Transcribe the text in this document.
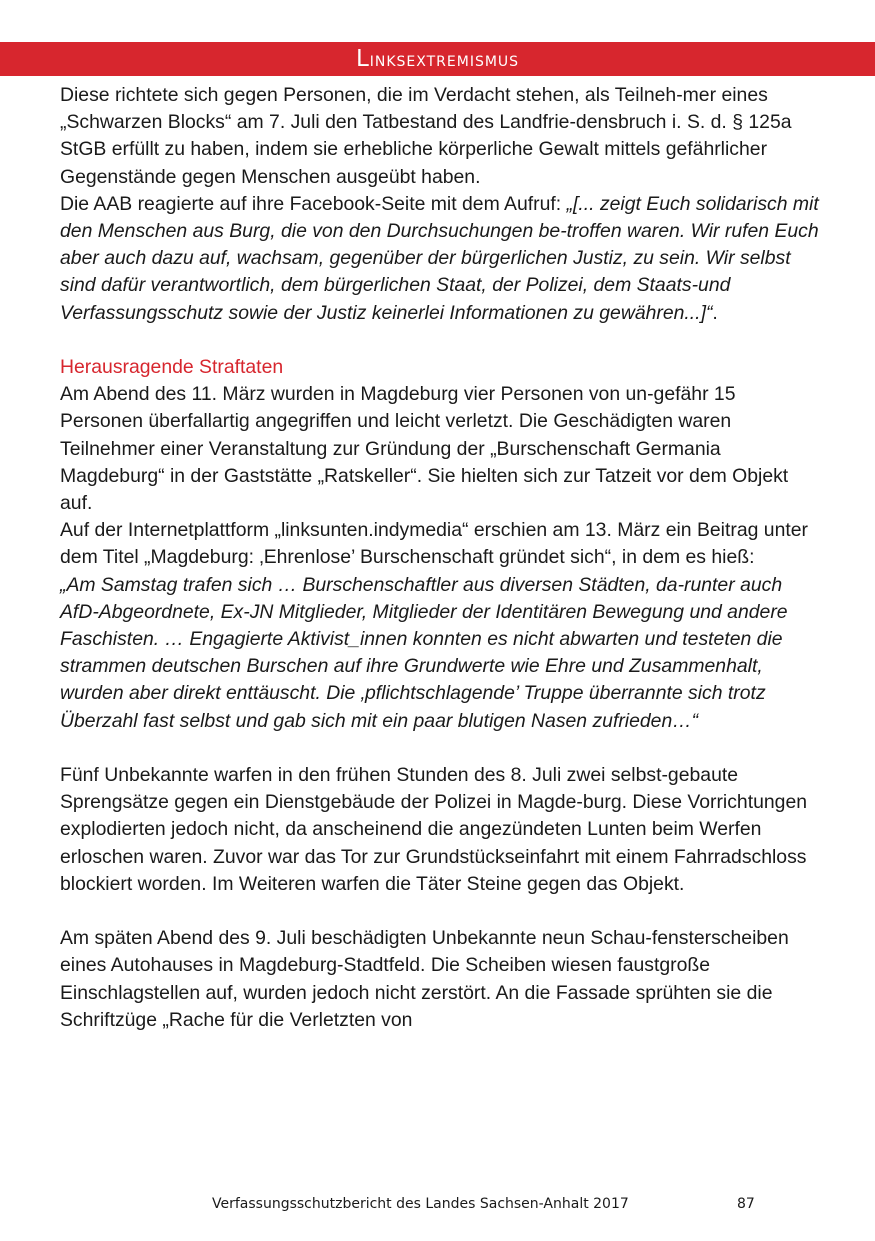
L inksextremismus

Diese richtete sich gegen Personen, die im Verdacht stehen, als Teilneh-mer eines „Schwarzen Blocks“ am 7. Juli den Tatbestand des Landfrie-densbruch i. S. d. § 125a StGB erfüllt zu haben, indem sie erhebliche körperliche Gewalt mittels gefährlicher Gegenstände gegen Menschen ausgeübt haben.

Die AAB reagierte auf ihre Facebook-Seite mit dem Aufruf: „[... zeigt Euch solidarisch mit den Menschen aus Burg, die von den Durchsuchungen be-troffen waren. Wir rufen Euch aber auch dazu auf, wachsam, gegenüber der bürgerlichen Justiz, zu sein. Wir selbst sind dafür verantwortlich, dem bürgerlichen Staat, der Polizei, dem Staats-und Verfassungsschutz sowie der Justiz keinerlei Informationen zu gewähren...]“.

Herausragende Straftaten

Am Abend des 11. März wurden in Magdeburg vier Personen von un-gefähr 15 Personen überfallartig angegriffen und leicht verletzt. Die Geschädigten waren Teilnehmer einer Veranstaltung zur Gründung der „Burschenschaft Germania Magdeburg“ in der Gaststätte „Ratskeller“. Sie hielten sich zur Tatzeit vor dem Objekt auf.

Auf der Internetplattform „linksunten.indymedia“ erschien am 13. März ein Beitrag unter dem Titel „Magdeburg: ‚Ehrenlose’ Burschenschaft gründet sich“, in dem es hieß:

„Am Samstag trafen sich … Burschenschaftler aus diversen Städten, da-runter auch AfD-Abgeordnete, Ex-JN Mitglieder, Mitglieder der Identitären Bewegung und andere Faschisten. … Engagierte Aktivist_innen konnten es nicht abwarten und testeten die strammen deutschen Burschen auf ihre Grundwerte wie Ehre und Zusammenhalt, wurden aber direkt enttäuscht. Die ‚pflichtschlagende’ Truppe überrannte sich trotz Überzahl fast selbst und gab sich mit ein paar blutigen Nasen zufrieden…“

Fünf Unbekannte warfen in den frühen Stunden des 8. Juli zwei selbst-gebaute Sprengsätze gegen ein Dienstgebäude der Polizei in Magde-burg. Diese Vorrichtungen explodierten jedoch nicht, da anscheinend die angezündeten Lunten beim Werfen erloschen waren. Zuvor war das Tor zur Grundstückseinfahrt mit einem Fahrradschloss blockiert worden. Im Weiteren warfen die Täter Steine gegen das Objekt.

Am späten Abend des 9. Juli beschädigten Unbekannte neun Schau-fensterscheiben eines Autohauses in Magdeburg-Stadtfeld. Die Scheiben wiesen faustgroße Einschlagstellen auf, wurden jedoch nicht zerstört. An die Fassade sprühten sie die Schriftzüge „Rache für die Verletzten von

Verfassungsschutzbericht des Landes Sachsen-Anhalt 2017	87
